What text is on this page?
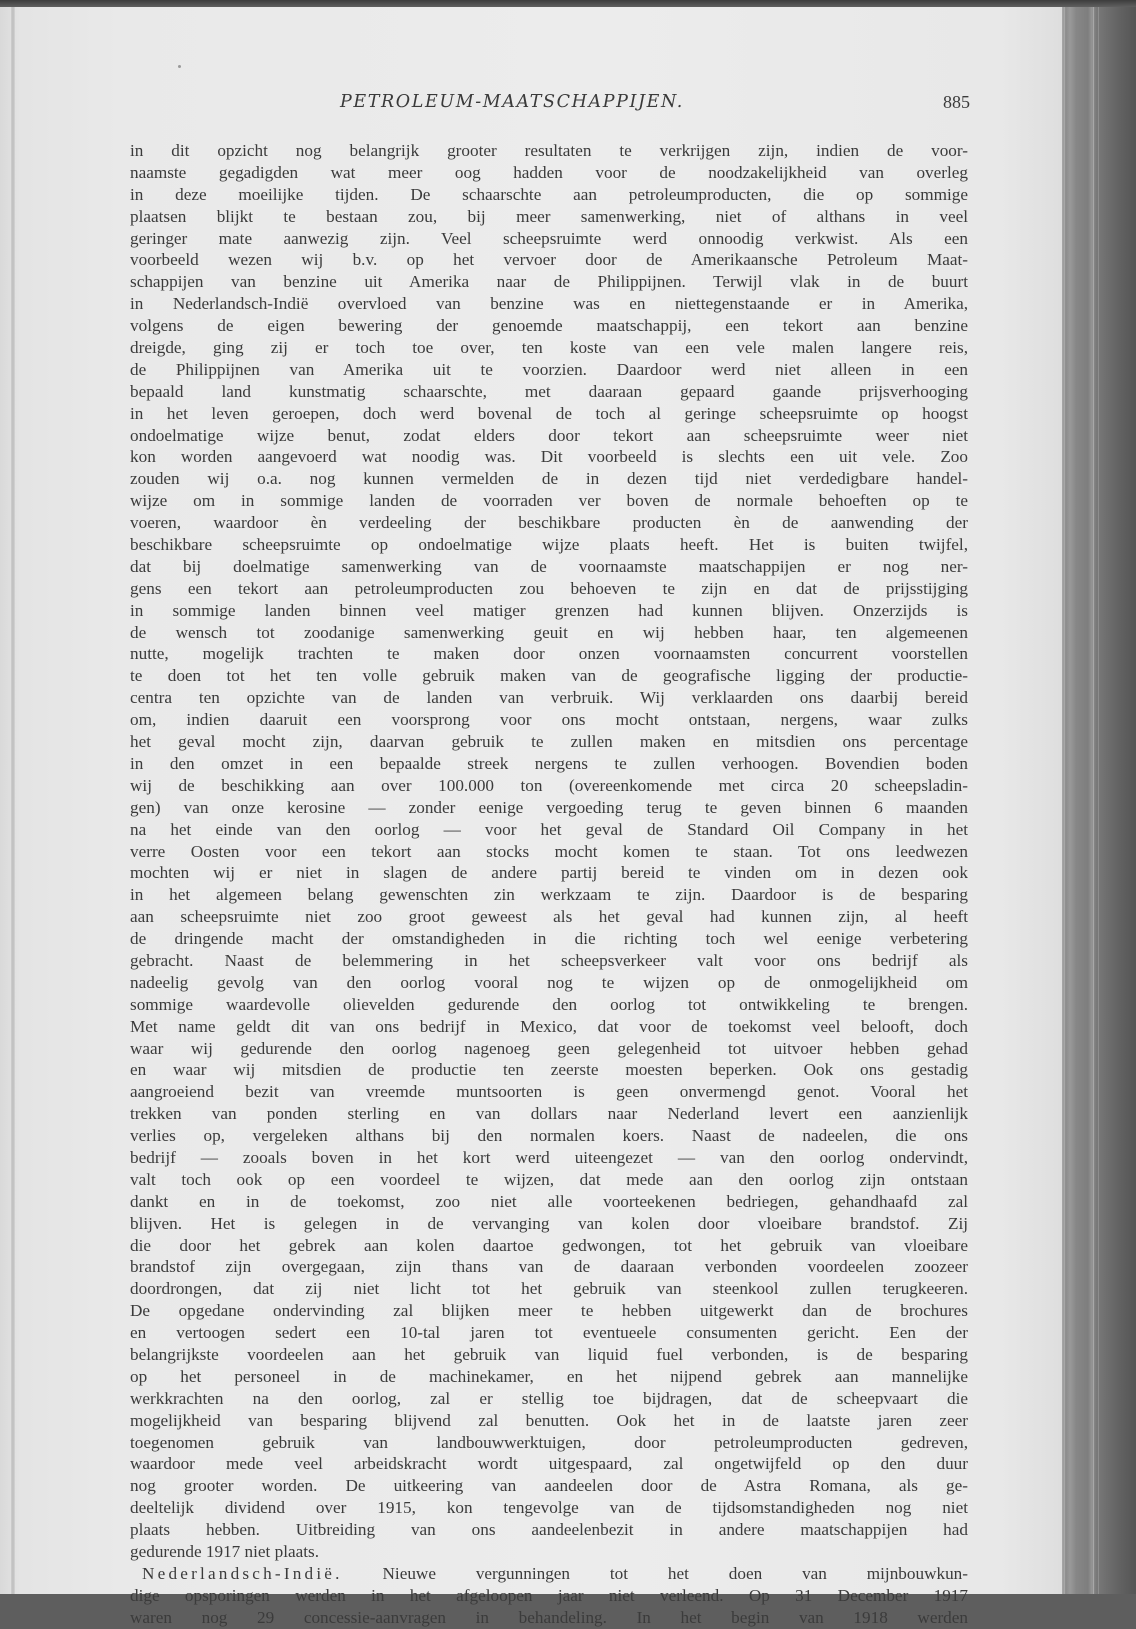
PETROLEUM-MAATSCHAPPIJEN.	885
in dit opzicht nog belangrijk grooter resultaten te verkrijgen zijn, indien de voor-
naamste gegadigden wat meer oog hadden voor de noodzakelijkheid van overleg
in deze moeilijke tijden. De schaarschte aan petroleumproducten, die op sommige
plaatsen blijkt te bestaan zou, bij meer samenwerking, niet of althans in veel
geringer mate aanwezig zijn. Veel scheepsruimte werd onnoodig verkwist. Als een
voorbeeld wezen wij b.v. op het vervoer door de Amerikaansche Petroleum Maat-
schappijen van benzine uit Amerika naar de Philippijnen. Terwijl vlak in de buurt
in Nederlandsch-Indië overvloed van benzine was en niettegenstaande er in Amerika,
volgens de eigen bewering der genoemde maatschappij, een tekort aan benzine
dreigde, ging zij er toch toe over, ten koste van een vele malen langere reis,
de Philippijnen van Amerika uit te voorzien. Daardoor werd niet alleen in een
bepaald land kunstmatig schaarschte, met daaraan gepaard gaande prijsverhooging
in het leven geroepen, doch werd bovenal de toch al geringe scheepsruimte op hoogst
ondoelmatige wijze benut, zodat elders door tekort aan scheepsruimte weer niet
kon worden aangevoerd wat noodig was. Dit voorbeeld is slechts een uit vele. Zoo
zouden wij o.a. nog kunnen vermelden de in dezen tijd niet verdedigbare handel-
wijze om in sommige landen de voorraden ver boven de normale behoeften op te
voeren, waardoor èn verdeeling der beschikbare producten èn de aanwending der
beschikbare scheepsruimte op ondoelmatige wijze plaats heeft. Het is buiten twijfel,
dat bij doelmatige samenwerking van de voornaamste maatschappijen er nog ner-
gens een tekort aan petroleumproducten zou behoeven te zijn en dat de prijsstijging
in sommige landen binnen veel matiger grenzen had kunnen blijven. Onzerzijds is
de wensch tot zoodanige samenwerking geuit en wij hebben haar, ten algemeenen
nutte, mogelijk trachten te maken door onzen voornaamsten concurrent voorstellen
te doen tot het ten volle gebruik maken van de geografische ligging der productie-
centra ten opzichte van de landen van verbruik. Wij verklaarden ons daarbij bereid
om, indien daaruit een voorsprong voor ons mocht ontstaan, nergens, waar zulks
het geval mocht zijn, daarvan gebruik te zullen maken en mitsdien ons percentage
in den omzet in een bepaalde streek nergens te zullen verhoogen. Bovendien boden
wij de beschikking aan over 100.000 ton (overeenkomende met circa 20 scheepsladin-
gen) van onze kerosine — zonder eenige vergoeding terug te geven binnen 6 maanden
na het einde van den oorlog — voor het geval de Standard Oil Company in het
verre Oosten voor een tekort aan stocks mocht komen te staan. Tot ons leedwezen
mochten wij er niet in slagen de andere partij bereid te vinden om in dezen ook
in het algemeen belang gewenschten zin werkzaam te zijn. Daardoor is de besparing
aan scheepsruimte niet zoo groot geweest als het geval had kunnen zijn, al heeft
de dringende macht der omstandigheden in die richting toch wel eenige verbetering
gebracht. Naast de belemmering in het scheepsverkeer valt voor ons bedrijf als
nadeelig gevolg van den oorlog vooral nog te wijzen op de onmogelijkheid om
sommige waardevolle olievelden gedurende den oorlog tot ontwikkeling te brengen.
Met name geldt dit van ons bedrijf in Mexico, dat voor de toekomst veel belooft, doch
waar wij gedurende den oorlog nagenoeg geen gelegenheid tot uitvoer hebben gehad
en waar wij mitsdien de productie ten zeerste moesten beperken. Ook ons gestadig
aangroeiend bezit van vreemde muntsoorten is geen onvermengd genot. Vooral het
trekken van ponden sterling en van dollars naar Nederland levert een aanzienlijk
verlies op, vergeleken althans bij den normalen koers. Naast de nadeelen, die ons
bedrijf — zooals boven in het kort werd uiteengezet — van den oorlog ondervindt,
valt toch ook op een voordeel te wijzen, dat mede aan den oorlog zijn ontstaan
dankt en in de toekomst, zoo niet alle voorteekenen bedriegen, gehandhaafd zal
blijven. Het is gelegen in de vervanging van kolen door vloeibare brandstof. Zij
die door het gebrek aan kolen daartoe gedwongen, tot het gebruik van vloeibare
brandstof zijn overgegaan, zijn thans van de daaraan verbonden voordeelen zoozeer
doordrongen, dat zij niet licht tot het gebruik van steenkool zullen terugkeeren.
De opgedane ondervinding zal blijken meer te hebben uitgewerkt dan de brochures
en vertoogen sedert een 10-tal jaren tot eventueele consumenten gericht. Een der
belangrijkste voordeelen aan het gebruik van liquid fuel verbonden, is de besparing
op het personeel in de machinekamer, en het nijpend gebrek aan mannelijke
werkkrachten na den oorlog, zal er stellig toe bijdragen, dat de scheepvaart die
mogelijkheid van besparing blijvend zal benutten. Ook het in de laatste jaren zeer
toegenomen gebruik van landbouwwerktuigen, door petroleumproducten gedreven,
waardoor mede veel arbeidskracht wordt uitgespaard, zal ongetwijfeld op den duur
nog grooter worden. De uitkeering van aandeelen door de Astra Romana, als ge-
deeltelijk dividend over 1915, kon tengevolge van de tijdsomstandigheden nog niet
plaats hebben. Uitbreiding van ons aandeelenbezit in andere maatschappijen had
gedurende 1917 niet plaats.
Nederlandsch-Indië. Nieuwe vergunningen tot het doen van mijnbouwkun-
dige opsporingen werden in het afgeloopen jaar niet verleend. Op 31 December 1917
waren nog 29 concessie-aanvragen in behandeling. In het begin van 1918 werden
